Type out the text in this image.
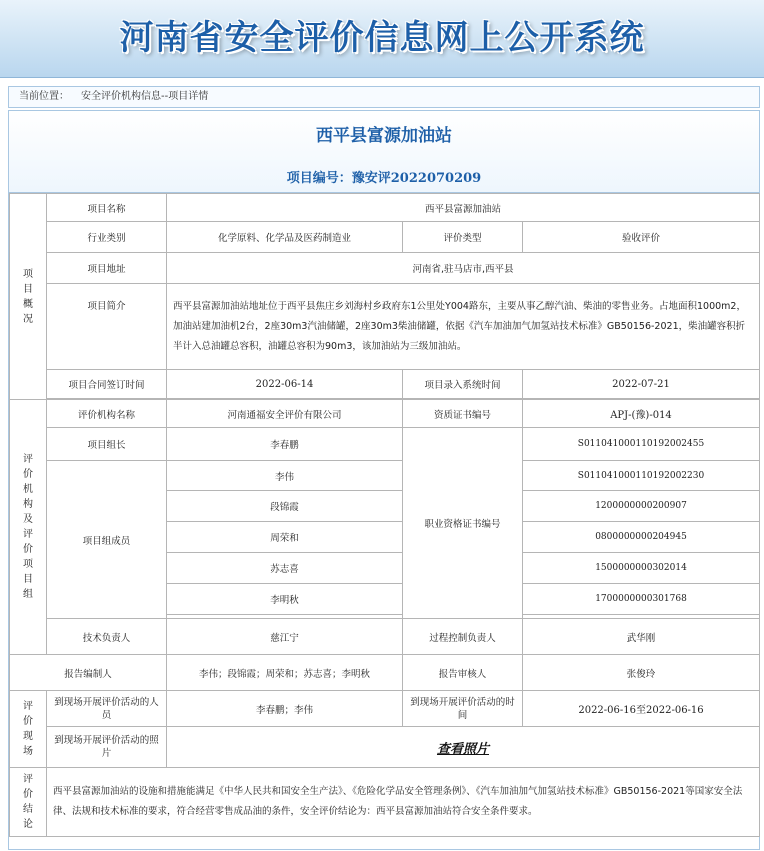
河南省安全评价信息网上公开系统
当前位置： 安全评价机构信息--项目详情
西平县富源加油站
项目编号：豫安评2022070209
项目概况	项目名称	西平县富源加油站		
	行业类别	化学原料、化学品及医药制造业	评价类型	验收评价
	项目地址	河南省,驻马店市,西平县		
	项目简介	西平县富源加油站地址位于西平县焦庄乡刘海村乡政府东1公里处Y004路东，主要从事乙醇汽油、柴油的零售业务。占地面积1000m2，加油站建加油机2台，2座30m3汽油储罐，2座30m3柴油储罐，依据《汽车加油加气加氢站技术标准》GB50156-2021，柴油罐容积折半计入总油罐总容积，油罐总容积为90m3，该加油站为三级加油站。		
	项目合同签订时间	2022-06-14	项目录入系统时间	2022-07-21

评价机构及评价项目组	评价机构名称	河南通福安全评价有限公司	资质证书编号	APJ-(豫)-014
	项目组长	李春鹏	职业资格证书编号	S011041000110192002455
	项目组成员	李伟		S011041000110192002230
		段锦霞		1200000000200907
		周荣和		0800000000204945
		苏志喜		1500000000302014
		李明秋		1700000000301768

	技术负责人	慈江宁	过程控制负责人	武华刚
报告编制人		李伟；段锦霞；周荣和；苏志喜；李明秋	报告审核人	张俊玲
评价现场	到现场开展评价活动的人员	李春鹏；李伟	到现场开展评价活动的时间	2022-06-16至2022-06-16
	到现场开展评价活动的照片	查看照片		
评价结论	西平县富源加油站的设施和措施能满足《中华人民共和国安全生产法》、《危险化学品安全管理条例》、《汽车加油加气加氢站技术标准》GB50156-2021等国家安全法律、法规和技术标准的要求，符合经营零售成品油的条件，安全评价结论为：西平县富源加油站符合安全条件要求。			
